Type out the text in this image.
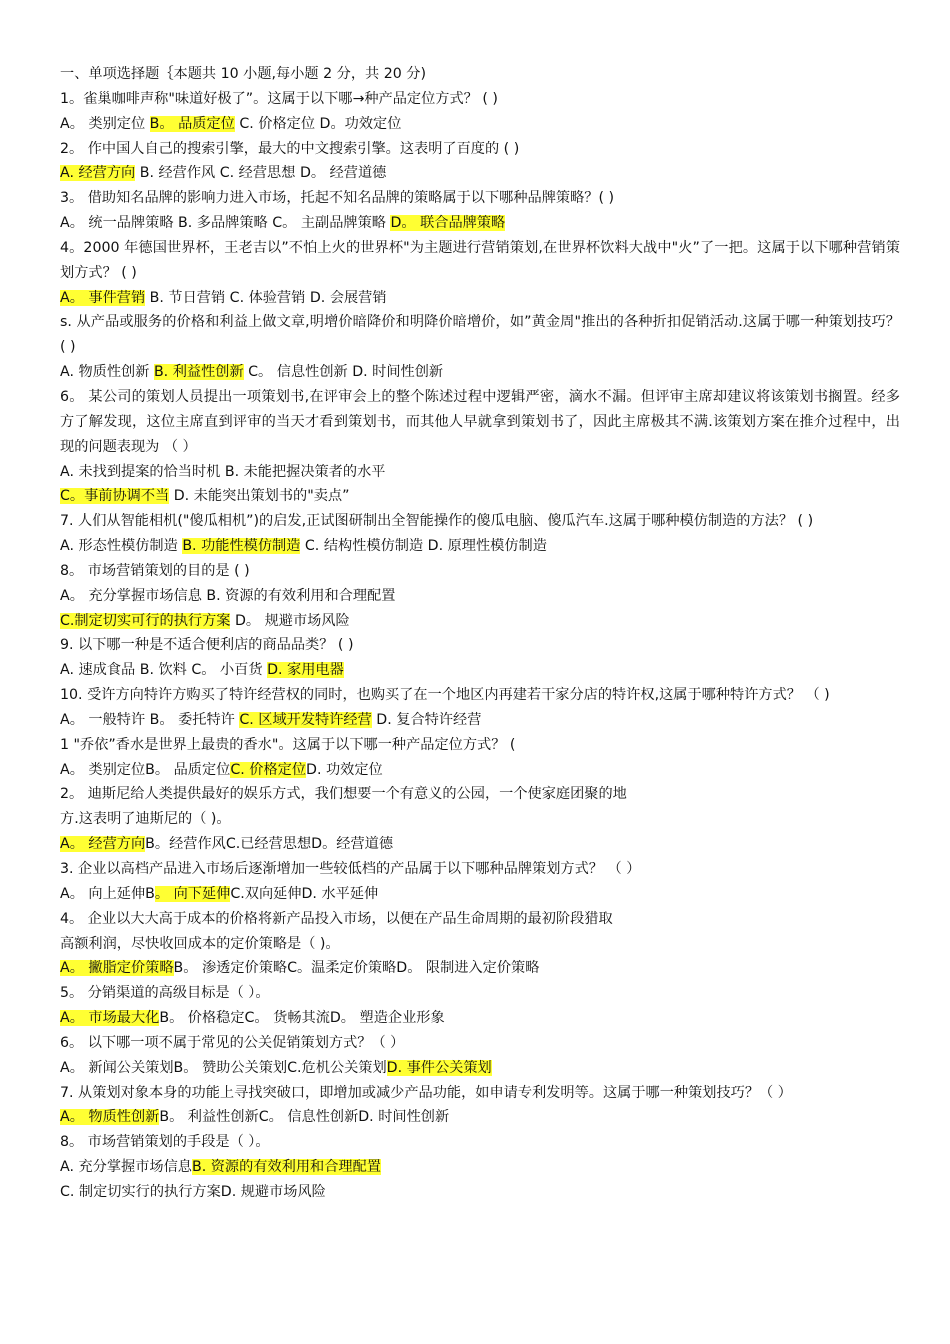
一、单项选择题｛本题共 10 小题,每小题 2 分，共 20 分)
1。雀巢咖啡声称"味道好极了”。这属于以下哪→种产品定位方式？ ( )
A。 类别定位 B。 品质定位 C. 价格定位 D。功效定位
2。 作中国人自己的搜索引擎，最大的中文搜索引擎。这表明了百度的 ( )
A. 经营方向 B. 经营作风 C. 经营思想 D。 经营道德
3。 借助知名品牌的影响力进入市场，托起不知名品牌的策略属于以下哪种品牌策略？( )
A。 统一品牌策略 B. 多品牌策略 C。 主副品牌策略 D。 联合品牌策略
4。2000 年德国世界杯，王老吉以”不怕上火的世界杯"为主题进行营销策划,在世界杯饮料大战中"火”了一把。这属于以下哪种营销策划方式？ ( )
A。 事件营销 B. 节日营销 C. 体验营销 D. 会展营销
s. 从产品或服务的价格和利益上做文章,明增价暗降价和明降价暗增价，如”黄金周"推出的各种折扣促销活动.这属于哪一种策划技巧？ ( )
A. 物质性创新 B. 利益性创新 C。 信息性创新 D. 时间性创新
6。 某公司的策划人员提出一项策划书,在评审会上的整个陈述过程中逻辑严密，滴水不漏。但评审主席却建议将该策划书搁置。经多方了解发现，这位主席直到评审的当天才看到策划书，而其他人早就拿到策划书了，因此主席极其不满.该策划方案在推介过程中，出现的问题表现为 （ ）
A. 未找到提案的恰当时机 B. 未能把握决策者的水平
C。事前协调不当 D. 未能突出策划书的"卖点”
7. 人们从智能相机("傻瓜相机”)的启发,正试图研制出全智能操作的傻瓜电脑、傻瓜汽车.这属于哪种模仿制造的方法？ ( )
A. 形态性模仿制造 B. 功能性模仿制造 C. 结构性模仿制造 D. 原理性模仿制造
8。 市场营销策划的目的是 ( )
A。 充分掌握市场信息 B. 资源的有效利用和合理配置
C.制定切实可行的执行方案 D。 规避市场风险
9. 以下哪一种是不适合便利店的商品品类？ ( )
A. 速成食品 B. 饮料 C。 小百货 D. 家用电器
10. 受许方向特许方购买了特许经营权的同时，也购买了在一个地区内再建若干家分店的特许权,这属于哪种特许方式？ （ )
A。 一般特许 B。 委托特许 C. 区域开发特许经营 D. 复合特许经营
1 "乔依”香水是世界上最贵的香水"。这属于以下哪一种产品定位方式？ (
A。 类别定位B。 品质定位C. 价格定位D. 功效定位
2。 迪斯尼给人类提供最好的娱乐方式，我们想要一个有意义的公园，一个使家庭团聚的地
方.这表明了迪斯尼的（ )。
A。 经营方向B。经营作风C.已经营思想D。经营道德
3. 企业以高档产品进入市场后逐渐增加一些较低档的产品属于以下哪种品牌策划方式？ （ ）
A。 向上延伸B。 向下延伸C.双向延伸D. 水平延伸
4。 企业以大大高于成本的价格将新产品投入市场，以便在产品生命周期的最初阶段猎取
高额利润，尽快收回成本的定价策略是（ )。
A。 撇脂定价策略B。 渗透定价策略C。温柔定价策略D。 限制进入定价策略
5。 分销渠道的高级目标是（ ）。
A。 市场最大化B。 价格稳定C。 货畅其流D。 塑造企业形象
6。 以下哪一项不属于常见的公关促销策划方式？（ ）
A。 新闻公关策划B。 赞助公关策划C.危机公关策划D. 事件公关策划
7. 从策划对象本身的功能上寻找突破口，即增加或减少产品功能，如申请专利发明等。这属于哪一种策划技巧？（ ）
A。 物质性创新B。 利益性创新C。 信息性创新D. 时间性创新
8。 市场营销策划的手段是（ ）。
A. 充分掌握市场信息B. 资源的有效利用和合理配置
C. 制定切实行的执行方案D. 规避市场风险
